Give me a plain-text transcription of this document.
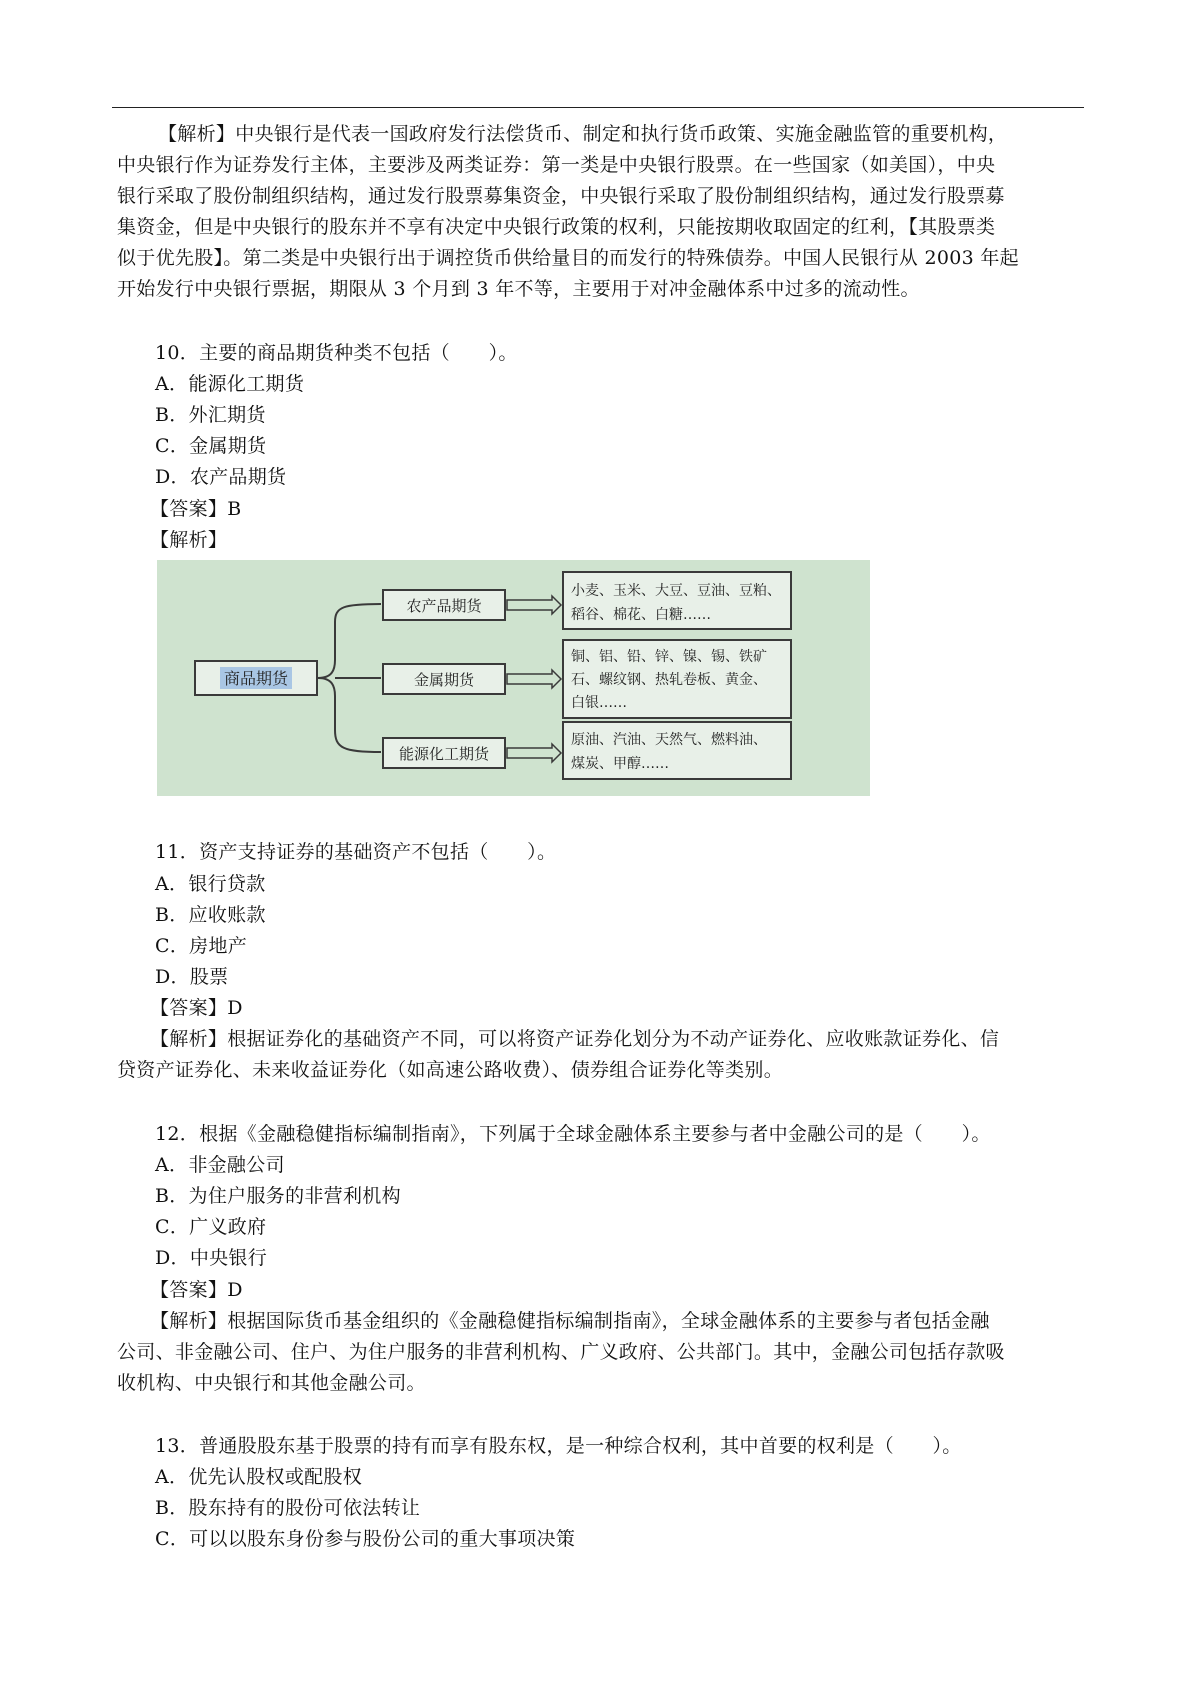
【解析】中央银行是代表一国政府发行法偿货币、制定和执行货币政策、实施金融监管的重要机构，
中央银行作为证券发行主体，主要涉及两类证券：第一类是中央银行股票。在一些国家（如美国），中央
银行采取了股份制组织结构，通过发行股票募集资金，中央银行采取了股份制组织结构，通过发行股票募
集资金，但是中央银行的股东并不享有决定中央银行政策的权利，只能按期收取固定的红利，【其股票类
似于优先股】。第二类是中央银行出于调控货币供给量目的而发行的特殊债券。中国人民银行从 2003 年起
开始发行中央银行票据，期限从 3 个月到 3 年不等，主要用于对冲金融体系中过多的流动性。
10．主要的商品期货种类不包括（　　）。
A．能源化工期货
B．外汇期货
C．金属期货
D．农产品期货
【答案】B
【解析】
商品期货
农产品期货
小麦、玉米、大豆、豆油、豆粕、
稻谷、棉花、白糖……
金属期货
铜、铝、铅、锌、镍、锡、铁矿
石、螺纹钢、热轧卷板、黄金、
白银……
能源化工期货
原油、汽油、天然气、燃料油、
煤炭、甲醇……
11．资产支持证券的基础资产不包括（　　）。
A．银行贷款
B．应收账款
C．房地产
D．股票
【答案】D
【解析】根据证券化的基础资产不同，可以将资产证券化划分为不动产证券化、应收账款证券化、信
贷资产证券化、未来收益证券化（如高速公路收费）、债券组合证券化等类别。
12．根据《金融稳健指标编制指南》，下列属于全球金融体系主要参与者中金融公司的是（　　）。
A．非金融公司
B．为住户服务的非营利机构
C．广义政府
D．中央银行
【答案】D
【解析】根据国际货币基金组织的《金融稳健指标编制指南》，全球金融体系的主要参与者包括金融
公司、非金融公司、住户、为住户服务的非营利机构、广义政府、公共部门。其中，金融公司包括存款吸
收机构、中央银行和其他金融公司。
13．普通股股东基于股票的持有而享有股东权，是一种综合权利，其中首要的权利是（　　）。
A．优先认股权或配股权
B．股东持有的股份可依法转让
C．可以以股东身份参与股份公司的重大事项决策
